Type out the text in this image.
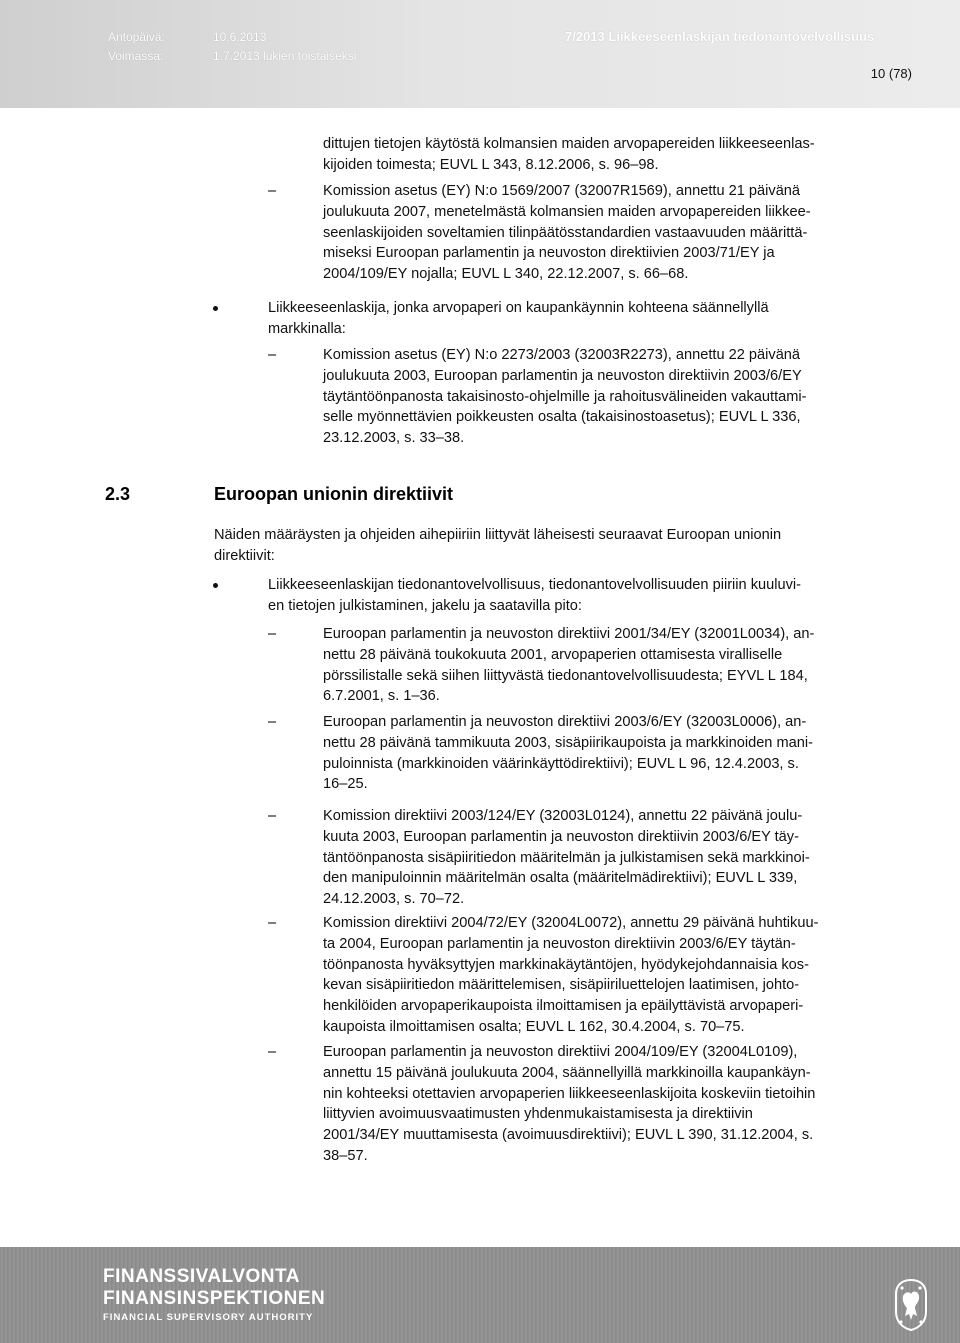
Antopäivä:	10.6.2013
Voimassa:	1.7.2013 lukien toistaiseksi
7/2013 Liikkeeseenlaskijan tiedonantovelvollisuus
10 (78)
dittujen tietojen käytöstä kolmansien maiden arvopapereiden liikkeeseenlas-
kijoiden toimesta; EUVL L 343, 8.12.2006, s. 96–98.
–	Komission asetus (EY) N:o 1569/2007 (32007R1569), annettu 21 päivänä
joulukuuta 2007, menetelmästä kolmansien maiden arvopapereiden liikkee-
seenlaskijoiden soveltamien tilinpäätösstandardien vastaavuuden määrittä-
miseksi Euroopan parlamentin ja neuvoston direktiivien 2003/71/EY ja
2004/109/EY nojalla; EUVL L 340, 22.12.2007, s. 66–68.
Liikkeeseenlaskija, jonka arvopaperi on kaupankäynnin kohteena säännellyllä
markkinalla:
–	Komission asetus (EY) N:o 2273/2003 (32003R2273), annettu 22 päivänä
joulukuuta 2003, Euroopan parlamentin ja neuvoston direktiivin 2003/6/EY
täytäntöönpanosta takaisinosto-ohjelmille ja rahoitusvälineiden vakauttami-
selle myönnettävien poikkeusten osalta (takaisinostoasetus); EUVL L 336,
23.12.2003, s. 33–38.
2.3	Euroopan unionin direktiivit
Näiden määräysten ja ohjeiden aihepiiriin liittyvät läheisesti seuraavat Euroopan unionin
direktiivit:
Liikkeeseenlaskijan tiedonantovelvollisuus, tiedonantovelvollisuuden piiriin kuuluvi-
en tietojen julkistaminen, jakelu ja saatavilla pito:
–	Euroopan parlamentin ja neuvoston direktiivi 2001/34/EY (32001L0034), an-
nettu 28 päivänä toukokuuta 2001, arvopaperien ottamisesta viralliselle
pörssilistalle sekä siihen liittyvästä tiedonantovelvollisuudesta; EYVL L 184,
6.7.2001, s. 1–36.
–	Euroopan parlamentin ja neuvoston direktiivi 2003/6/EY (32003L0006), an-
nettu 28 päivänä tammikuuta 2003, sisäpiirikaupoista ja markkinoiden mani-
puloinnista (markkinoiden väärinkäyttödirektiivi); EUVL L 96, 12.4.2003, s.
16–25.
–	Komission direktiivi 2003/124/EY (32003L0124), annettu 22 päivänä joulu-
kuuta 2003, Euroopan parlamentin ja neuvoston direktiivin 2003/6/EY täy-
täntöönpanosta sisäpiiritiedon määritelmän ja julkistamisen sekä markkinoi-
den manipuloinnin määritelmän osalta (määritelmädirektiivi); EUVL L 339,
24.12.2003, s. 70–72.
–	Komission direktiivi 2004/72/EY (32004L0072), annettu 29 päivänä huhtikuu-
ta 2004, Euroopan parlamentin ja neuvoston direktiivin 2003/6/EY täytän-
töönpanosta hyväksyttyjen markkinakäytäntöjen, hyödykejohdannaisia kos-
kevan sisäpiiritiedon määrittelemisen, sisäpiiriluettelojen laatimisen, johto-
henkilöiden arvopaperikaupoista ilmoittamisen ja epäilyttävistä arvopaperi-
kaupoista ilmoittamisen osalta; EUVL L 162, 30.4.2004, s. 70–75.
–	Euroopan parlamentin ja neuvoston direktiivi 2004/109/EY (32004L0109),
annettu 15 päivänä joulukuuta 2004, säännellyillä markkinoilla kaupankäyn-
nin kohteeksi otettavien arvopaperien liikkeeseenlaskijoita koskeviin tietoihin
liittyvien avoimuusvaatimusten yhdenmukaistamisesta ja direktiivin
2001/34/EY muuttamisesta (avoimuusdirektiivi); EUVL L 390, 31.12.2004, s.
38–57.
FINANSSIVALVONTA
FINANSINSPEKTIONEN
FINANCIAL SUPERVISORY AUTHORITY
